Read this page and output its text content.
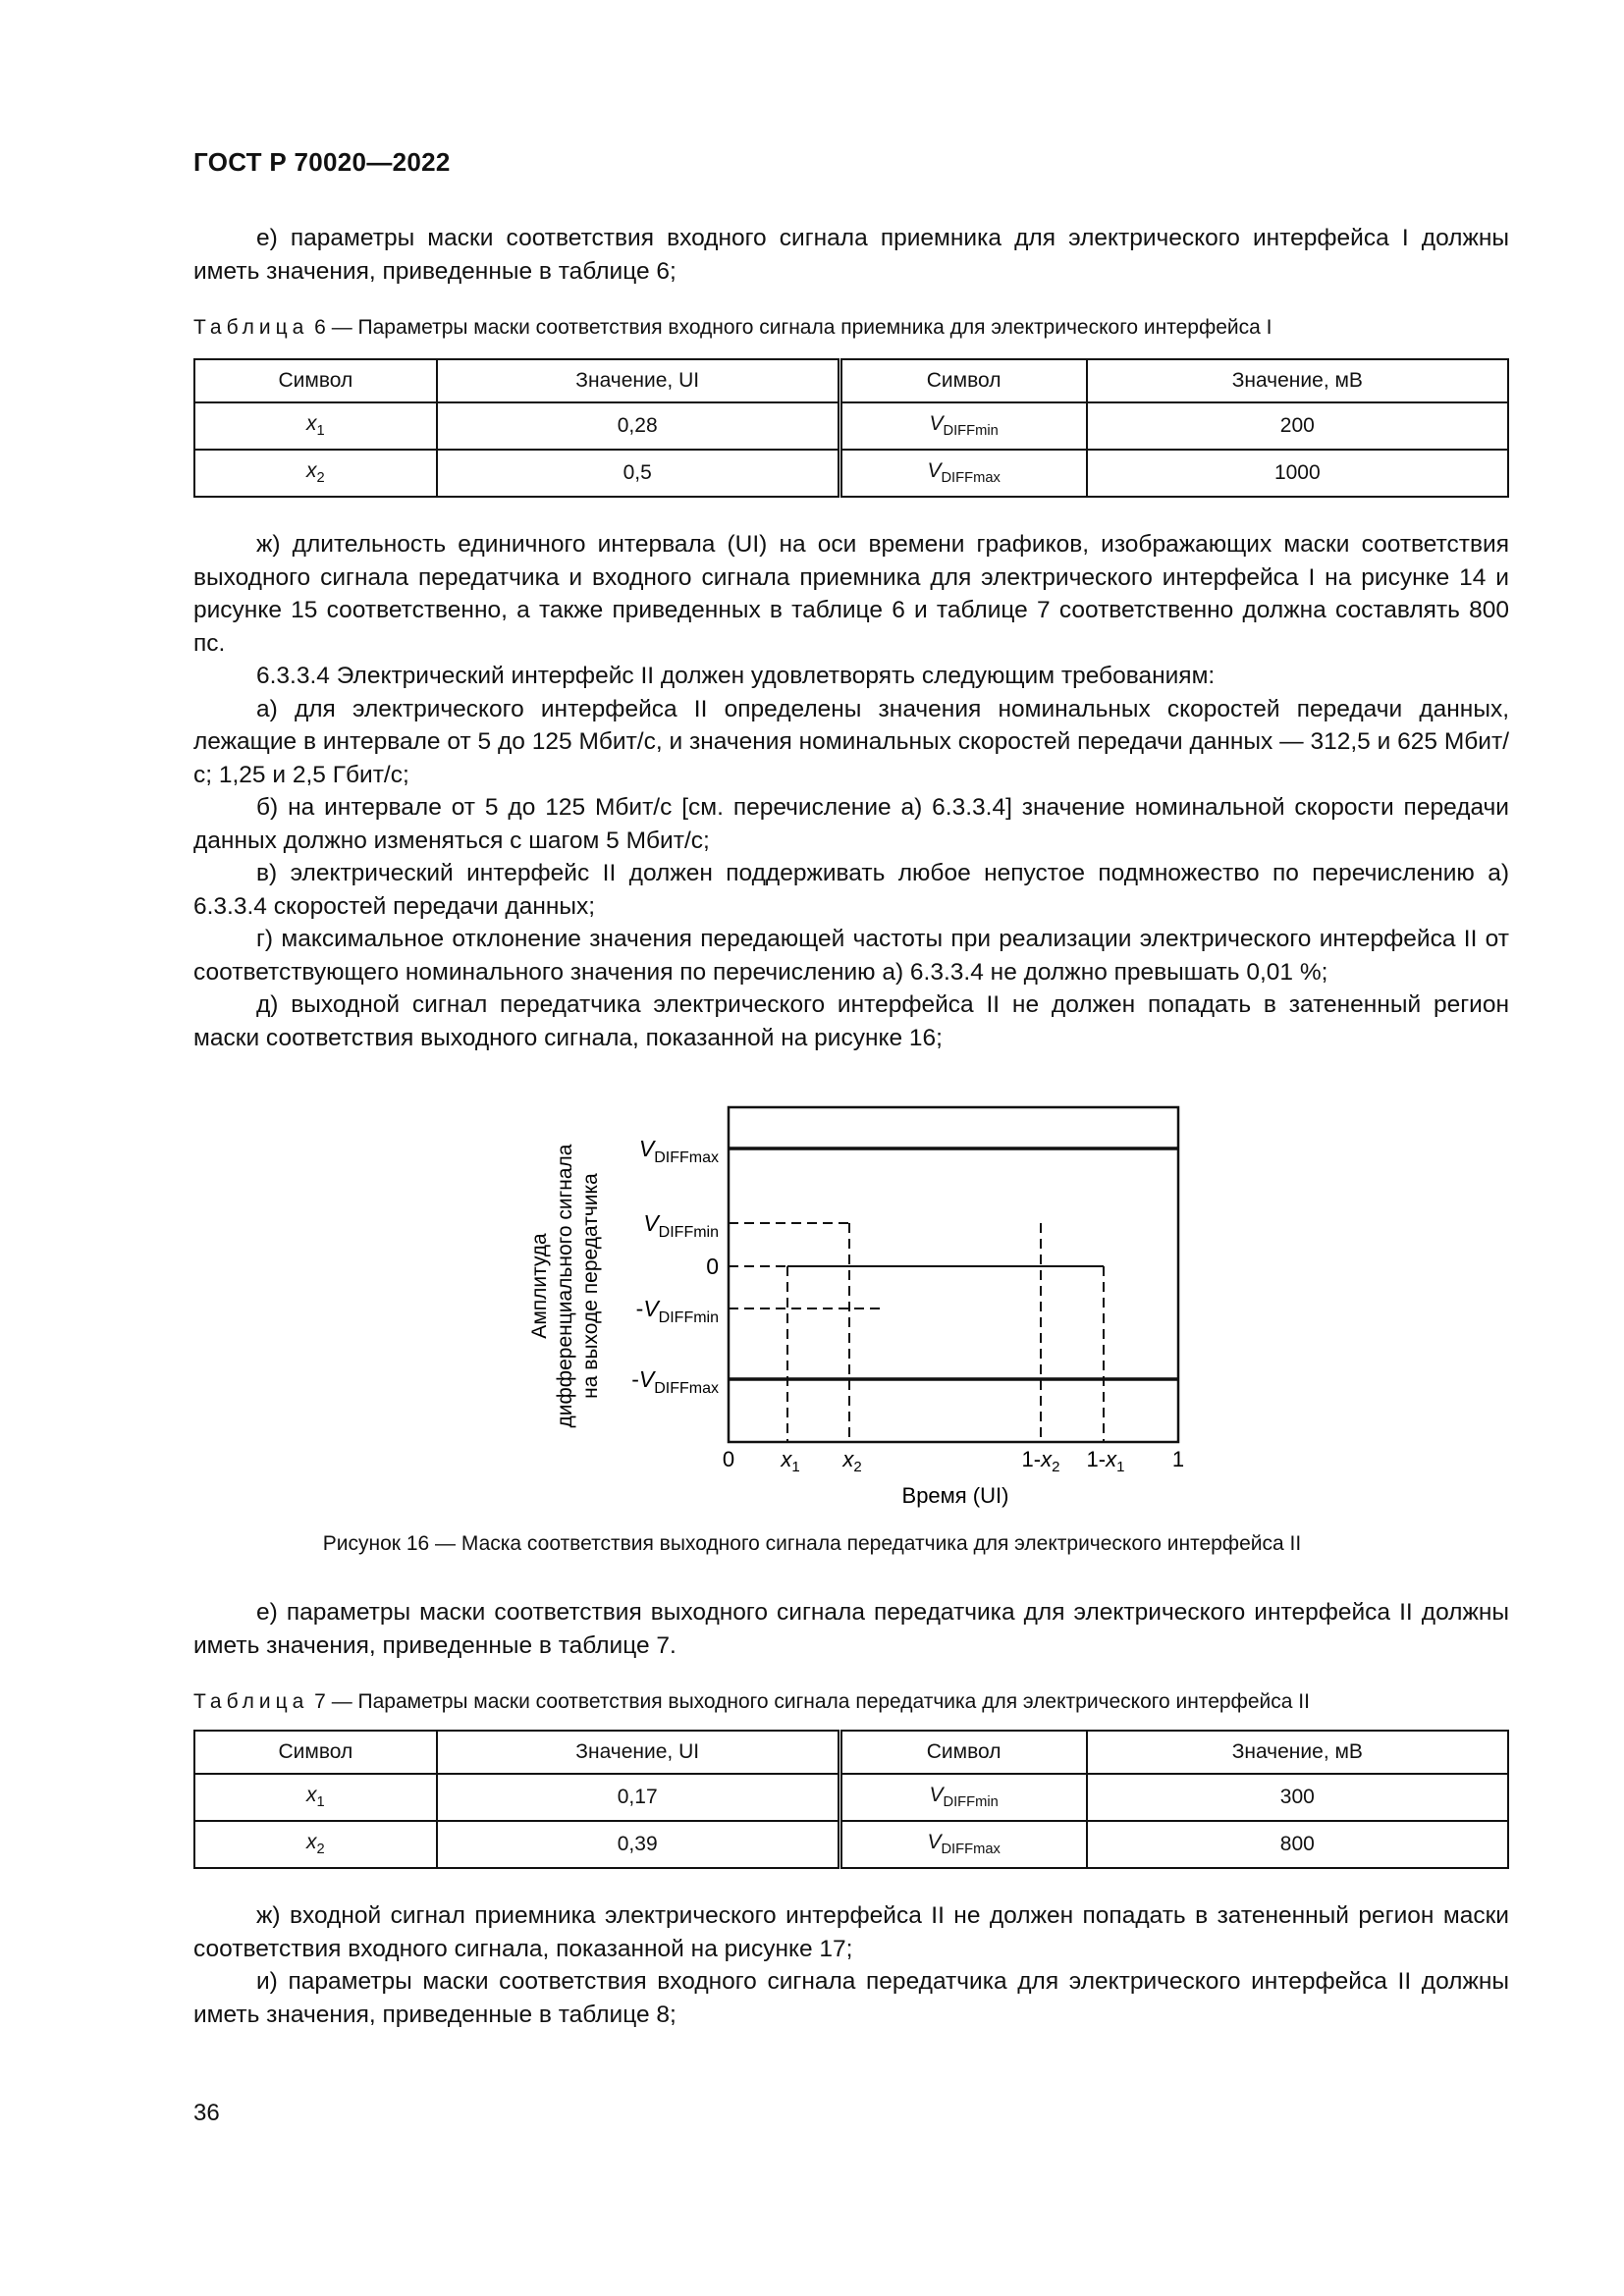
ГОСТ Р 70020—2022
е) параметры маски соответствия входного сигнала приемника для электрического интерфейса I должны иметь значения, приведенные в таблице 6;
Таблица 6 — Параметры маски соответствия входного сигнала приемника для электрического интерфейса I
Символ	Значение, UI	Символ	Значение, мВ
$x_1$	0,28	$V_{DIFFmin}$	200
$x_2$	0,5	$V_{DIFFmax}$	1000
ж) длительность единичного интервала (UI) на оси времени графиков, изображающих маски соответствия выходного сигнала передатчика и входного сигнала приемника для электрического интерфейса I на рисунке 14 и рисунке 15 соответственно, а также приведенных в таблице 6 и таблице 7 соответственно должна составлять 800 пс.
6.3.3.4 Электрический интерфейс II должен удовлетворять следующим требованиям:
а) для электрического интерфейса II определены значения номинальных скоростей передачи данных, лежащие в интервале от 5 до 125 Мбит/с, и значения номинальных скоростей передачи данных — 312,5 и 625 Мбит/с; 1,25 и 2,5 Гбит/с;
б) на интервале от 5 до 125 Мбит/с [см. перечисление а) 6.3.3.4] значение номинальной скорости передачи данных должно изменяться с шагом 5 Мбит/с;
в) электрический интерфейс II должен поддерживать любое непустое подмножество по перечислению а) 6.3.3.4 скоростей передачи данных;
г) максимальное отклонение значения передающей частоты при реализации электрического интерфейса II от соответствующего номинального значения по перечислению а) 6.3.3.4 не должно превышать 0,01 %;
д) выходной сигнал передатчика электрического интерфейса II не должен попадать в затененный регион маски соответствия выходного сигнала, показанной на рисунке 16;
Амплитуда дифференциального сигнала на выходе передатчика
$V_{DIFFmax}$
$V_{DIFFmin}$
0
$-V_{DIFFmin}$
$-V_{DIFFmax}$
0 $x_1$ $x_2$	$1-x_2$ $1-x_1$ 1
Время (UI)
Рисунок 16 — Маска соответствия выходного сигнала передатчика для электрического интерфейса II
е) параметры маски соответствия выходного сигнала передатчика для электрического интерфейса II должны иметь значения, приведенные в таблице 7.
Таблица 7 — Параметры маски соответствия выходного сигнала передатчика для электрического интерфейса II
Символ	Значение, UI	Символ	Значение, мВ
$x_1$	0,17	$V_{DIFFmin}$	300
$x_2$	0,39	$V_{DIFFmax}$	800
ж) входной сигнал приемника электрического интерфейса II не должен попадать в затененный регион маски соответствия входного сигнала, показанной на рисунке 17;
и) параметры маски соответствия входного сигнала передатчика для электрического интерфейса II должны иметь значения, приведенные в таблице 8;
36
